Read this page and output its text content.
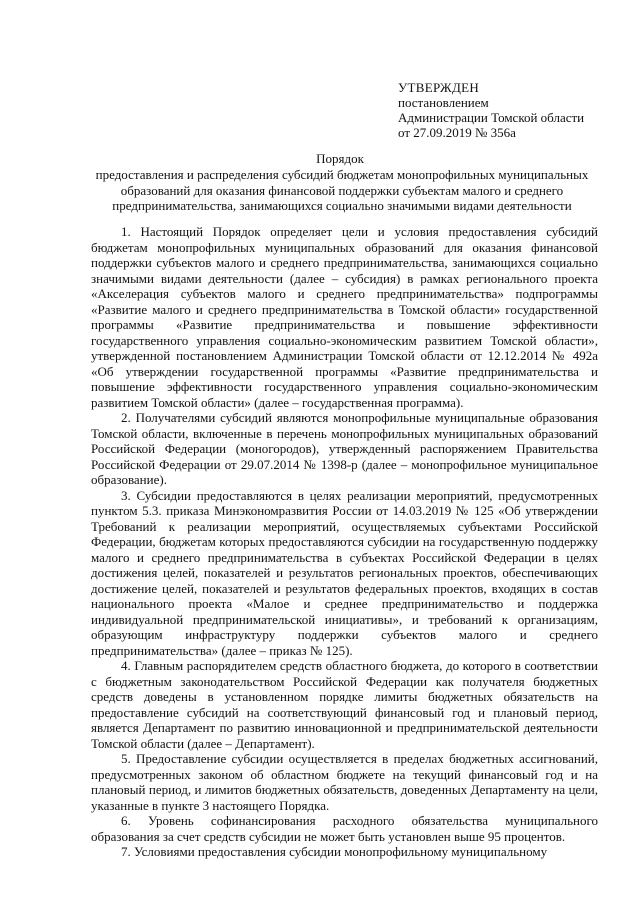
УТВЕРЖДЕН
постановлением
Администрации Томской области
от 27.09.2019 № 356а
Порядок
предоставления и распределения субсидий бюджетам монопрофильных муниципальных образований для оказания финансовой поддержки субъектам малого и среднего предпринимательства, занимающихся социально значимыми видами деятельности

1. Настоящий Порядок определяет цели и условия предоставления субсидий бюджетам монопрофильных муниципальных образований для оказания финансовой поддержки субъектов малого и среднего предпринимательства, занимающихся социально значимыми видами деятельности (далее – субсидия) в рамках регионального проекта «Акселерация субъектов малого и среднего предпринимательства» подпрограммы «Развитие малого и среднего предпринимательства в Томской области» государственной программы «Развитие предпринимательства и повышение эффективности государственного управления социально-экономическим развитием Томской области», утвержденной постановлением Администрации Томской области от 12.12.2014 № 492а «Об утверждении государственной программы «Развитие предпринимательства и повышение эффективности государственного управления социально-экономическим развитием Томской области» (далее – государственная программа).

2. Получателями субсидий являются монопрофильные муниципальные образования Томской области, включенные в перечень монопрофильных муниципальных образований Российской Федерации (моногородов), утвержденный распоряжением Правительства Российской Федерации от 29.07.2014 № 1398-р (далее – монопрофильное муниципальное образование).

3. Субсидии предоставляются в целях реализации мероприятий, предусмотренных пунктом 5.3. приказа Минэкономразвития России от 14.03.2019 № 125 «Об утверждении Требований к реализации мероприятий, осуществляемых субъектами Российской Федерации, бюджетам которых предоставляются субсидии на государственную поддержку малого и среднего предпринимательства в субъектах Российской Федерации в целях достижения целей, показателей и результатов региональных проектов, обеспечивающих достижение целей, показателей и результатов федеральных проектов, входящих в состав национального проекта «Малое и среднее предпринимательство и поддержка индивидуальной предпринимательской инициативы», и требований к организациям, образующим инфраструктуру поддержки субъектов малого и среднего предпринимательства» (далее – приказ № 125).

4. Главным распорядителем средств областного бюджета, до которого в соответствии с бюджетным законодательством Российской Федерации как получателя бюджетных средств доведены в установленном порядке лимиты бюджетных обязательств на предоставление субсидий на соответствующий финансовый год и плановый период, является Департамент по развитию инновационной и предпринимательской деятельности Томской области (далее – Департамент).

5. Предоставление субсидии осуществляется в пределах бюджетных ассигнований, предусмотренных законом об областном бюджете на текущий финансовый год и на плановый период, и лимитов бюджетных обязательств, доведенных Департаменту на цели, указанные в пункте 3 настоящего Порядка.

6. Уровень софинансирования расходного обязательства муниципального образования за счет средств субсидии не может быть установлен выше 95 процентов.

7. Условиями предоставления субсидии монопрофильному муниципальному
